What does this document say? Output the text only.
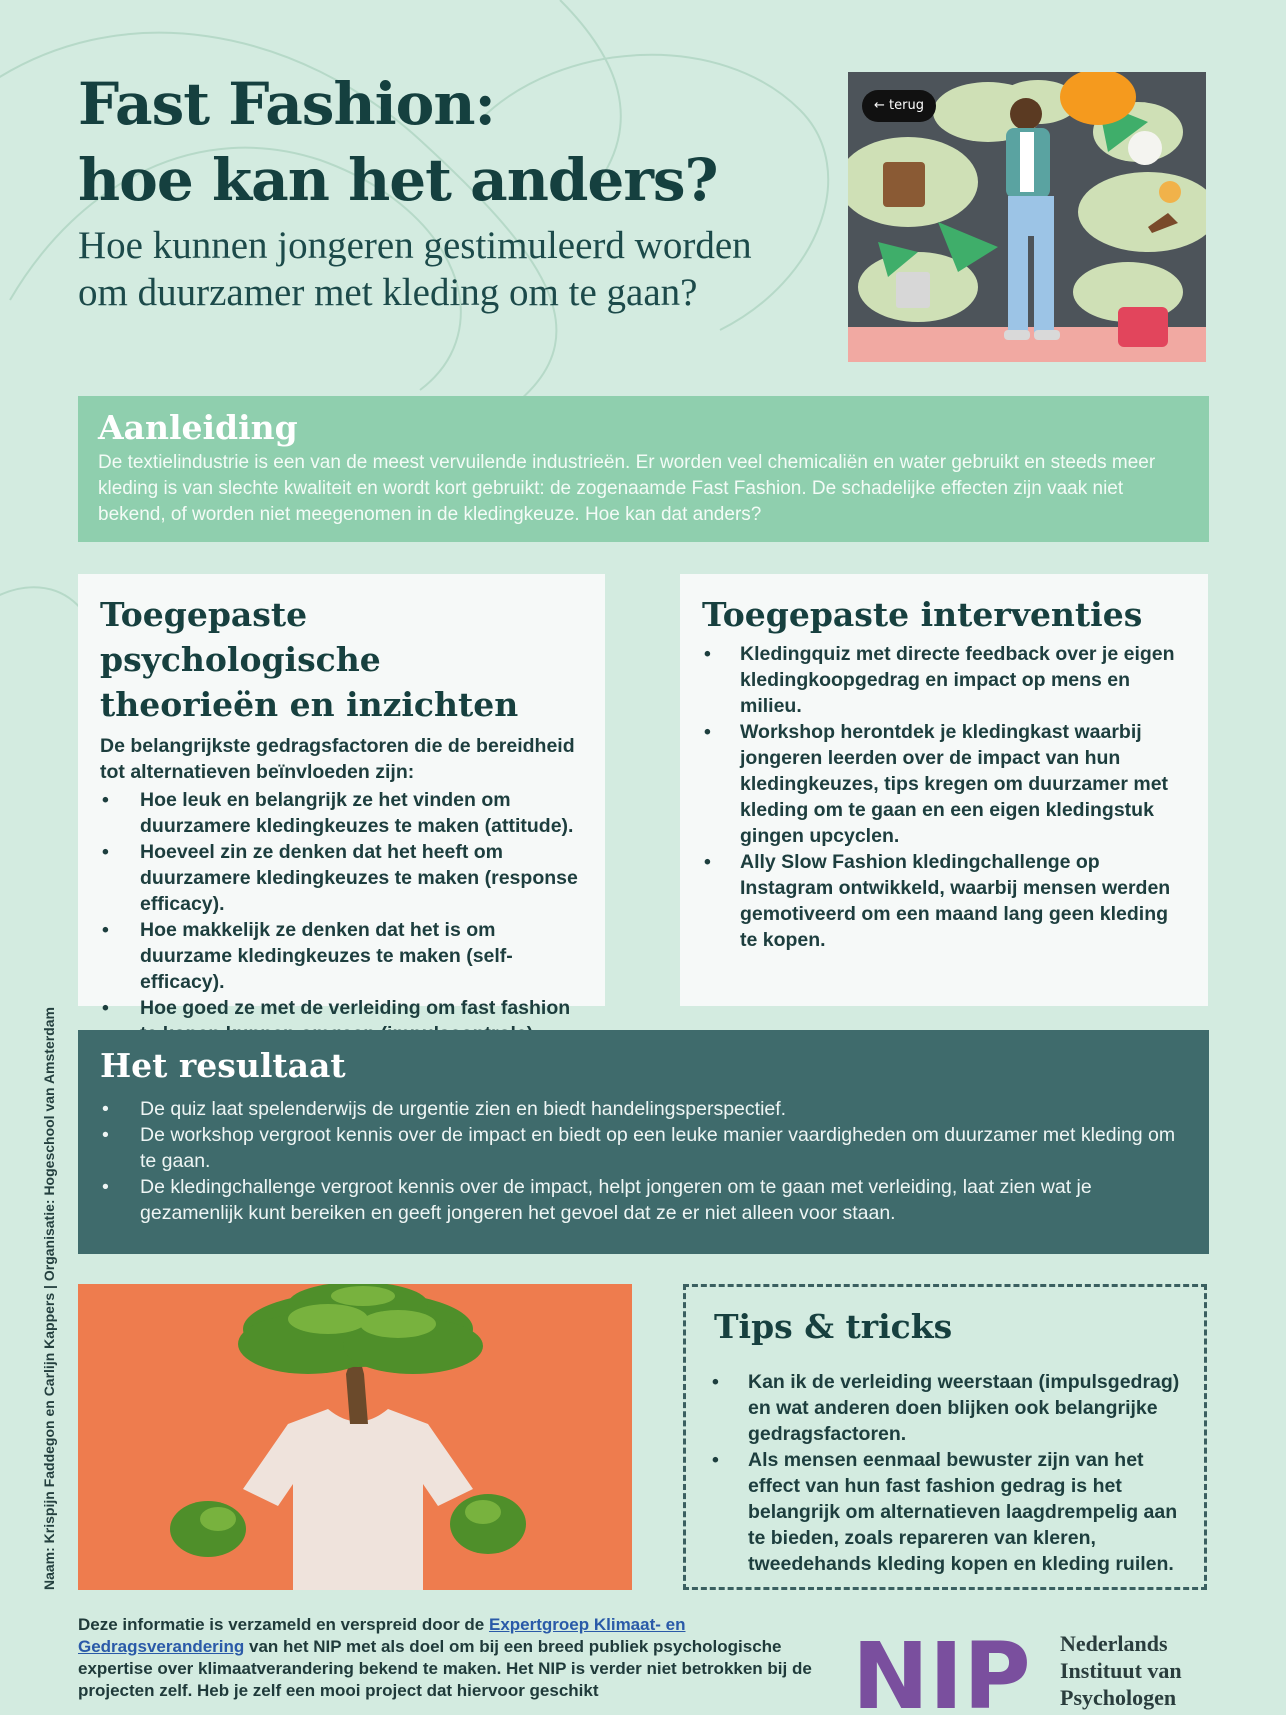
Fast Fashion:
hoe kan het anders?
Hoe kunnen jongeren gestimuleerd worden om duurzamer met kleding om te gaan?
← terug
Aanleiding

De textielindustrie is een van de meest vervuilende industrieën. Er worden veel chemicaliën en water gebruikt en steeds meer kleding is van slechte kwaliteit en wordt kort gebruikt: de zogenaamde Fast Fashion. De schadelijke effecten zijn vaak niet bekend, of worden niet meegenomen in de kledingkeuze. Hoe kan dat anders?

Toegepaste psychologische
theorieën en inzichten

De belangrijkste gedragsfactoren die de bereidheid tot alternatieven beïnvloeden zijn:

• Hoe leuk en belangrijk ze het vinden om duurzamere kledingkeuzes te maken (attitude).
• Hoeveel zin ze denken dat het heeft om duurzamere kledingkeuzes te maken (response efficacy).
• Hoe makkelijk ze denken dat het is om duurzame kledingkeuzes te maken (self-efficacy).
• Hoe goed ze met de verleiding om fast fashion
Toegepaste interventies
• Kledingquiz met directe feedback over je eigen kledingkoopgedrag en impact op mens en milieu.
• Workshop herontdek je kledingkast waarbij jongeren leerden over de impact van hun kledingkeuzes, tips kregen om duurzamer met kleding om te gaan en een eigen kledingstuk gingen upcyclen.
• Ally Slow Fashion kledingchallenge op Instagram ontwikkeld, waarbij mensen werden gemotiveerd om een maand lang geen kleding te kopen.
Het resultaat
• De quiz laat spelenderwijs de urgentie zien en biedt handelingsperspectief.
• De workshop vergroot kennis over de impact en biedt op een leuke manier vaardigheden om duurzamer met kleding om te gaan.
• De kledingchallenge vergroot kennis over de impact, helpt jongeren om te gaan met verleiding, laat zien wat je gezamenlijk kunt bereiken en geeft jongeren het gevoel dat ze er niet alleen voor staan.
Tips & tricks
• Kan ik de verleiding weerstaan (impulsgedrag) en wat anderen doen blijken ook belangrijke gedragsfactoren.
• Als mensen eenmaal bewuster zijn van het effect van hun fast fashion gedrag is het belangrijk om alternatieven laagdrempelig aan te bieden, zoals repareren van kleren, tweedehands kleding kopen en kleding ruilen.
Naam: Krispijn Faddegon en Carlijn Kappers | Organisatie: Hogeschool van Amsterdam
Deze informatie is verzameld en verspreid door de Expertgroep Klimaat- en Gedragsverandering van het NIP met als doel om bij een breed publiek psychologische expertise over klimaatverandering bekend te maken. Het NIP is verder niet betrokken bij de projecten zelf. Heb je zelf een mooi project dat hiervoor geschikt	NIP Nederlands
Instituut van
Psychologen
